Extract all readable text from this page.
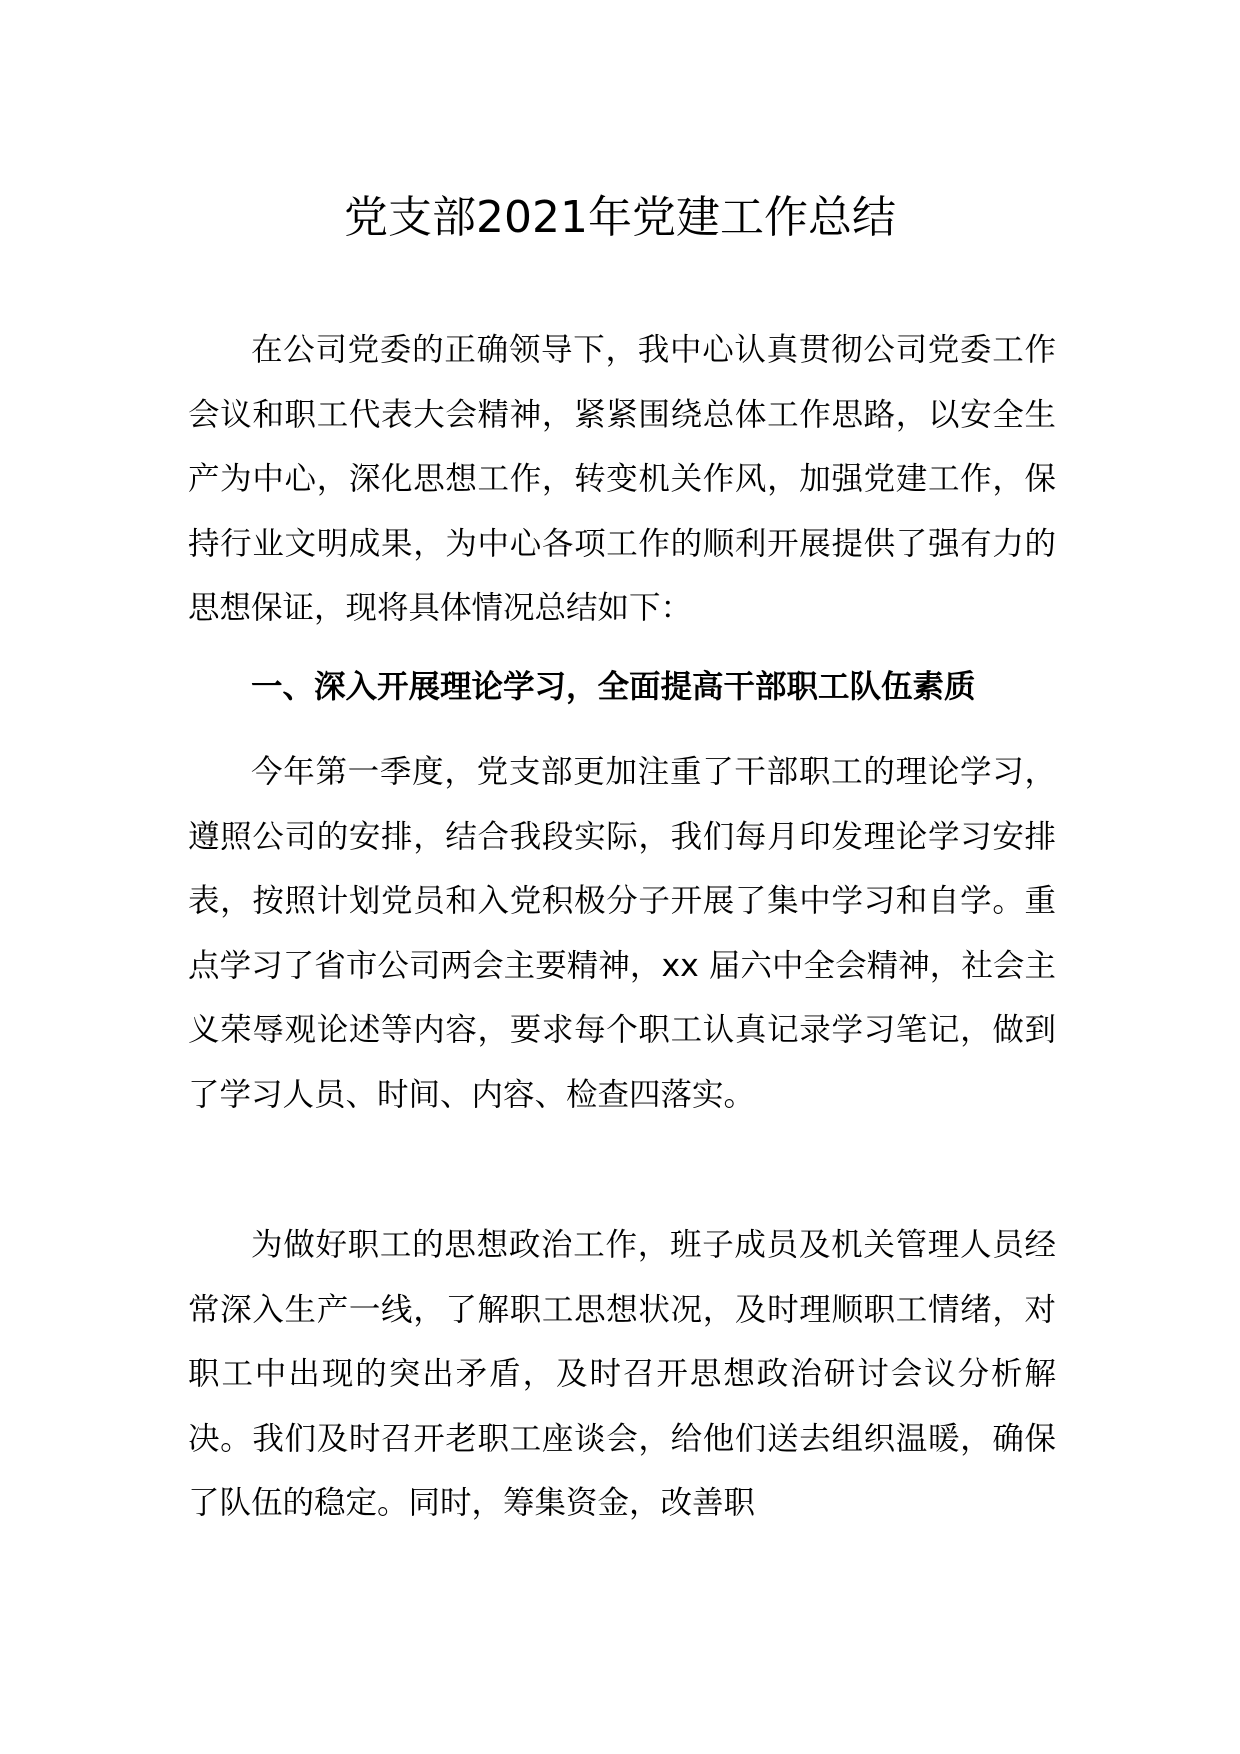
党支部2021年党建工作总结
在公司党委的正确领导下，我中心认真贯彻公司党委工作会议和职工代表大会精神，紧紧围绕总体工作思路，以安全生产为中心，深化思想工作，转变机关作风，加强党建工作，保持行业文明成果，为中心各项工作的顺利开展提供了强有力的思想保证，现将具体情况总结如下：
一、深入开展理论学习，全面提高干部职工队伍素质
今年第一季度，党支部更加注重了干部职工的理论学习，遵照公司的安排，结合我段实际，我们每月印发理论学习安排表，按照计划党员和入党积极分子开展了集中学习和自学。重点学习了省市公司两会主要精神，xx 届六中全会精神，社会主义荣辱观论述等内容，要求每个职工认真记录学习笔记，做到了学习人员、时间、内容、检查四落实。
为做好职工的思想政治工作，班子成员及机关管理人员经常深入生产一线，了解职工思想状况，及时理顺职工情绪，对职工中出现的突出矛盾，及时召开思想政治研讨会议分析解决。我们及时召开老职工座谈会，给他们送去组织温暖，确保了队伍的稳定。同时，筹集资金，改善职
